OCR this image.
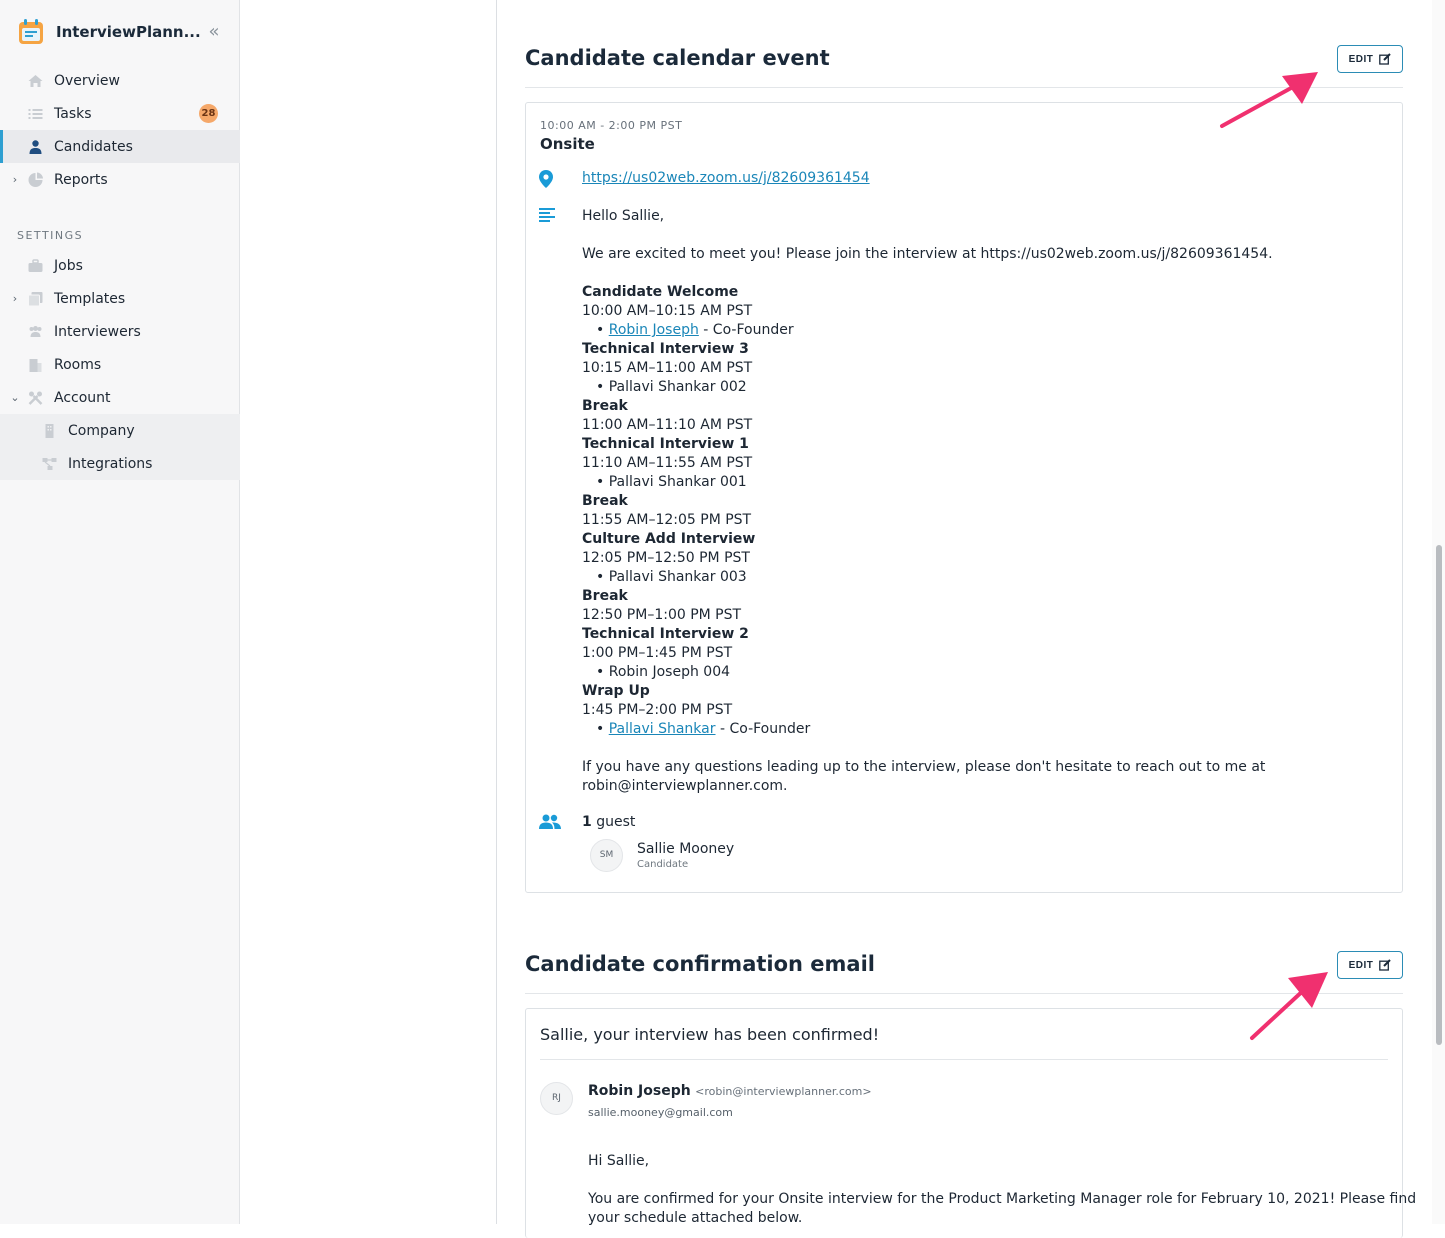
InterviewPlann... «
Overview
Tasks	28
Candidates
›	Reports
SETTINGS
Jobs
›	Templates
Interviewers
Rooms
⌄ Account
Company
Integrations
Candidate calendar event	EDIT
10:00 AM - 2:00 PM PST
Onsite
https://us02web.zoom.us/j/82609361454
Hello Sallie,
We are excited to meet you! Please join the interview at https://us02web.zoom.us/j/82609361454.
Candidate Welcome
10:00 AM–10:15 AM PST
• Robin Joseph - Co-Founder
Technical Interview 3
10:15 AM–11:00 AM PST
• Pallavi Shankar 002
Break
11:00 AM–11:10 AM PST
Technical Interview 1
11:10 AM–11:55 AM PST
• Pallavi Shankar 001
Break
11:55 AM–12:05 PM PST
Culture Add Interview
12:05 PM–12:50 PM PST
• Pallavi Shankar 003
Break
12:50 PM–1:00 PM PST
Technical Interview 2
1:00 PM–1:45 PM PST
• Robin Joseph 004
Wrap Up
1:45 PM–2:00 PM PST
• Pallavi Shankar - Co-Founder
If you have any questions leading up to the interview, please don't hesitate to reach out to me at
robin@interviewplanner.com.
1 guest
SM	Sallie Mooney
Candidate
Candidate confirmation email	EDIT
Sallie, your interview has been confirmed!
RJ	Robin Joseph <robin@interviewplanner.com>
sallie.mooney@gmail.com
Hi Sallie,
You are confirmed for your Onsite interview for the Product Marketing Manager role for February 10, 2021! Please find
your schedule attached below.
